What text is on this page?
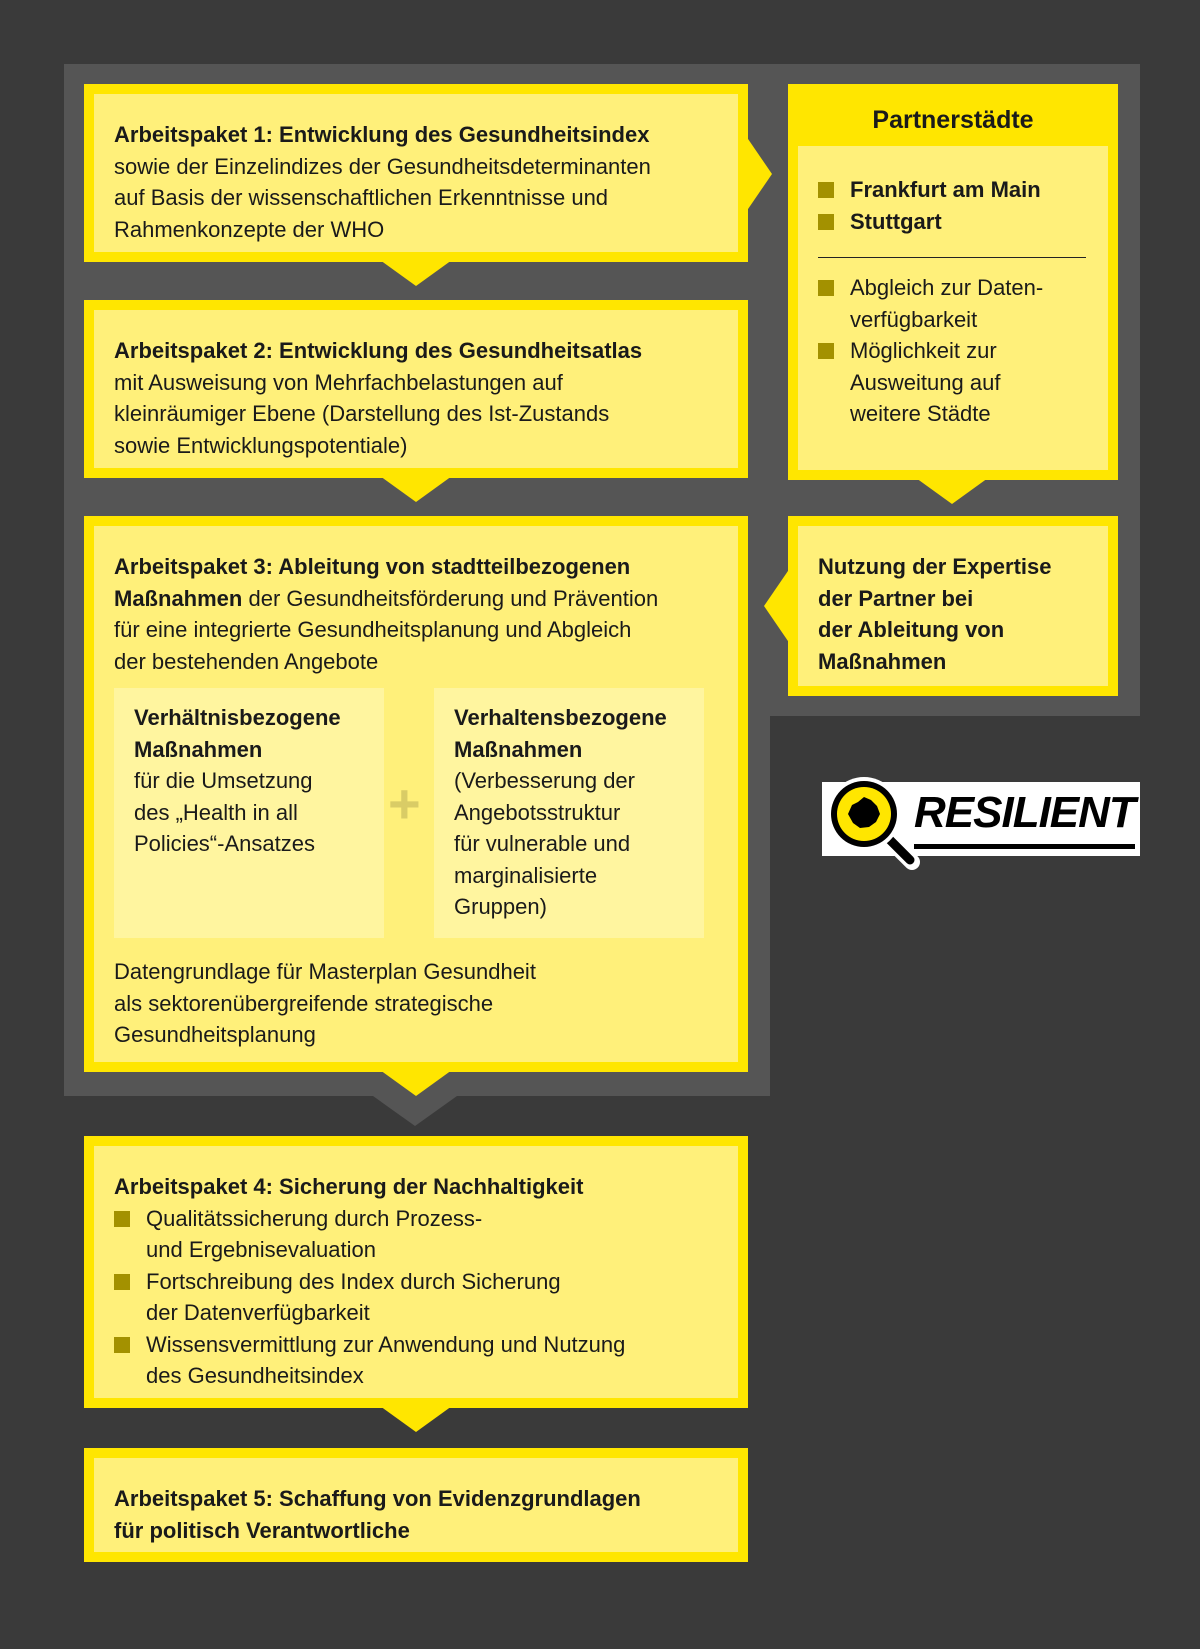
Arbeitspaket 1: Entwicklung des Gesundheitsindex
sowie der Einzelindizes der Gesundheitsdeterminanten
auf Basis der wissenschaftlichen Erkenntnisse und
Rahmenkonzepte der WHO
Arbeitspaket 2: Entwicklung des Gesundheitsatlas
mit Ausweisung von Mehrfachbelastungen auf
kleinräumiger Ebene (Darstellung des Ist-Zustands
sowie Entwicklungspotentiale)
Arbeitspaket 3: Ableitung von stadtteilbezogenen
Maßnahmen der Gesundheitsförderung und Prävention
für eine integrierte Gesundheitsplanung und Abgleich
der bestehenden Angebote
Verhältnisbezogene
Maßnahmen
für die Umsetzung
des „Health in all
Policies“-Ansatzes
+
Verhaltensbezogene
Maßnahmen
(Verbesserung der
Angebotsstruktur
für vulnerable und
marginalisierte
Gruppen)
Datengrundlage für Masterplan Gesundheit
als sektorenübergreifende strategische
Gesundheitsplanung
Arbeitspaket 4: Sicherung der Nachhaltigkeit
Qualitätssicherung durch Prozess-
und Ergebnisevaluation
Fortschreibung des Index durch Sicherung
der Datenverfügbarkeit
Wissensvermittlung zur Anwendung und Nutzung
des Gesundheitsindex
Arbeitspaket 5: Schaffung von Evidenzgrundlagen
für politisch Verantwortliche
Partnerstädte
Frankfurt am Main
Stuttgart
Abgleich zur Daten-
verfügbarkeit
Möglichkeit zur
Ausweitung auf
weitere Städte
Nutzung der Expertise
der Partner bei
der Ableitung von
Maßnahmen
RESILIENT
